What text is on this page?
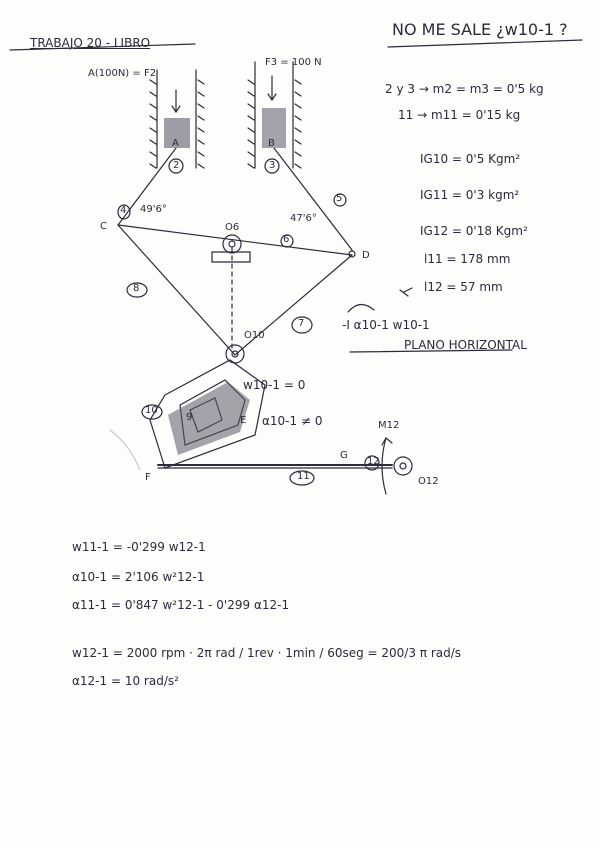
TRABAJO 20 - LIBRO
NO ME SALE ¿w10-1 ?
A(100N) = F2
F3 = 100 N
A	B
2	3
C
D
E
F
G
O6
O10
O12
49'6°
47'6°
4
5
6
7
8
9
10
11
12
M12
w10-1 = 0
α10-1 ≠ 0
-I α10-1 w10-1
PLANO HORIZONTAL
2 y 3 → m2 = m3 = 0'5 kg
11 → m11 = 0'15 kg
IG10 = 0'5 Kgm²
IG11 = 0'3 kgm²
IG12 = 0'18 Kgm²
l11 = 178 mm
l12 = 57 mm
w11-1 = -0'299 w12-1
α10-1 = 2'106 w²12-1
α11-1 = 0'847 w²12-1 - 0'299 α12-1
w12-1 = 2000 rpm · 2π rad / 1rev · 1min / 60seg = 200/3 π rad/s
α12-1 = 10 rad/s²
